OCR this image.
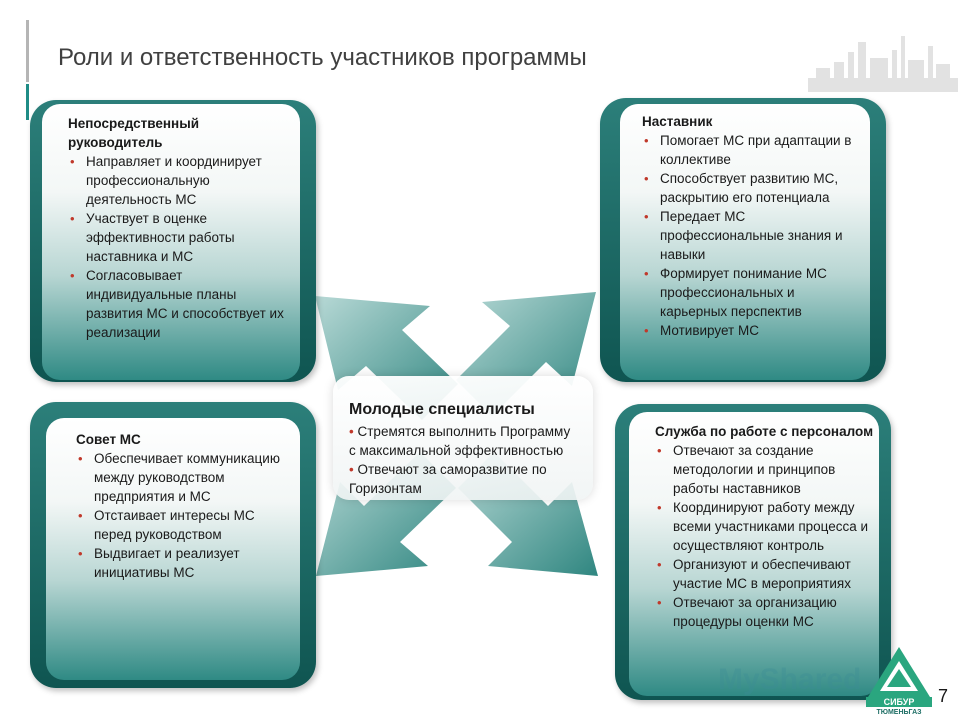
Роли и ответственность участников программы

Непосредственный руководитель

• Направляет и координирует профессиональную деятельность МС
• Участвует в оценке эффективности работы наставника и МС
• Согласовывает индивидуальные планы развития МС и способствует их реализации

Наставник

• Помогает МС при адаптации в коллективе
• Способствует развитию МС, раскрытию его потенциала
• Передает МС профессиональные знания и навыки
• Формирует понимание МС профессиональных и карьерных перспектив
• Мотивирует МС

Совет МС

• Обеспечивает коммуникацию между руководством предприятия и МС
• Отстаивает интересы МС перед руководством
• Выдвигает и реализует инициативы МС

Служба по работе с персоналом

• Отвечают за создание методологии и принципов работы наставников
• Координируют работу между всеми участниками процесса и осуществляют контроль
• Организуют и обеспечивают участие МС в мероприятиях
• Отвечают за организацию процедуры оценки МС
Молодые специалисты

• Стремятся выполнить Программу с максимальной эффективностью

• Отвечают за саморазвитие по Горизонтам

MyShared
СИБУР
ТЮМЕНЬГАЗ
7
